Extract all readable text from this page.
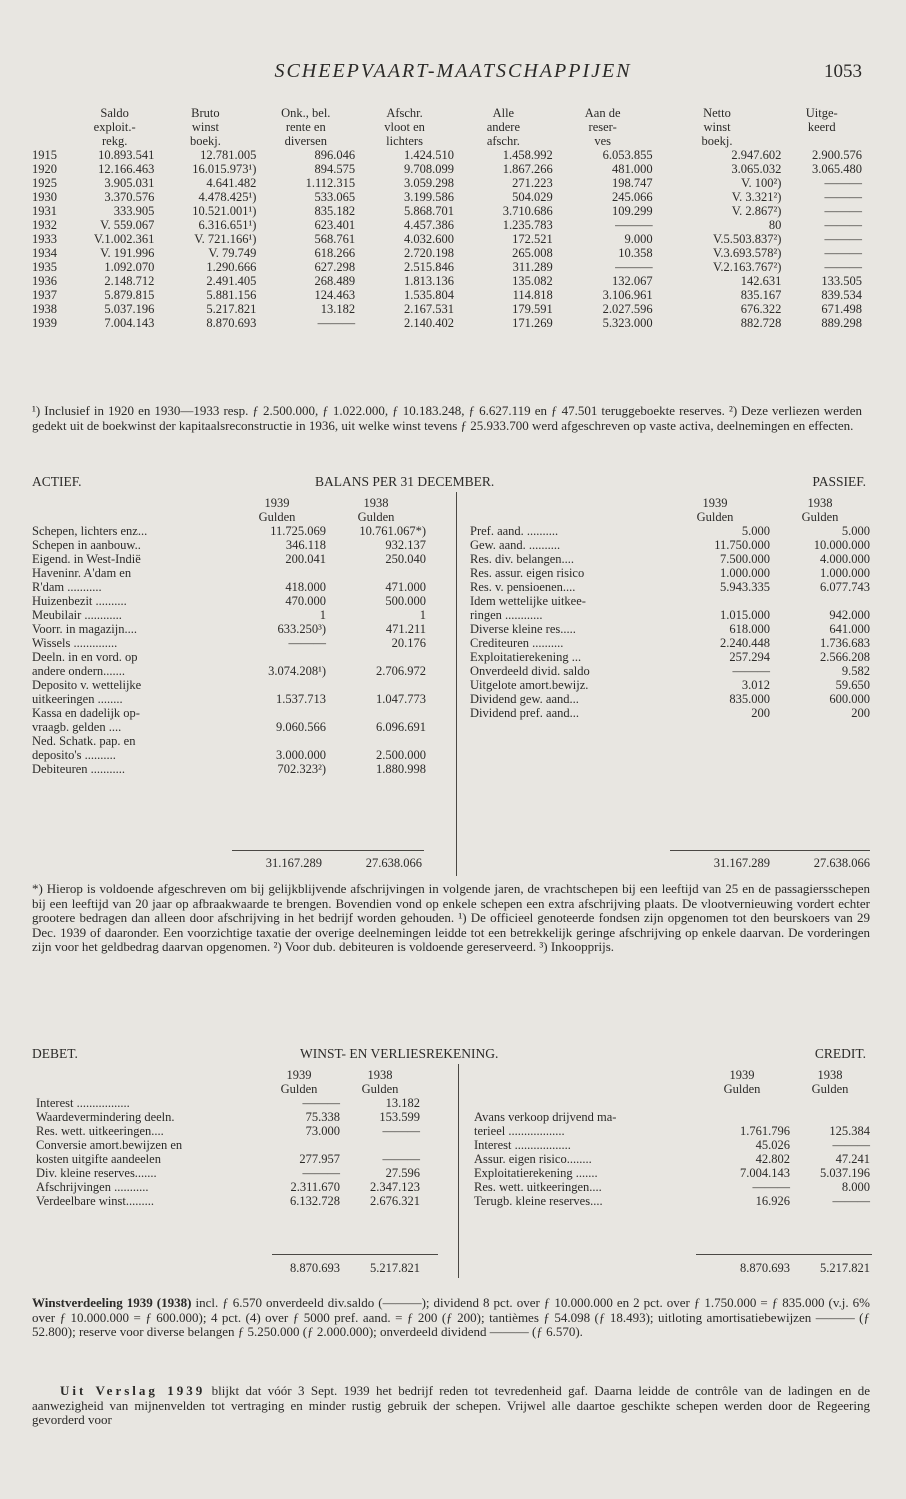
SCHEEPVAART-MAATSCHAPPIJEN	1053
	Saldo	Bruto	Onk., bel.	Afschr.	Alle	Aan de	Netto	Uitge-
	exploit.-	winst	rente en	vloot en	andere	reser-	winst	keerd
	rekg.	boekj.	diversen	lichters	afschr.	ves	boekj.	
1915	10.893.541	12.781.005	896.046	1.424.510	1.458.992	6.053.855	2.947.602	2.900.576
1920	12.166.463	16.015.973¹)	894.575	9.708.099	1.867.266	481.000	3.065.032	3.065.480
1925	3.905.031	4.641.482	1.112.315	3.059.298	271.223	198.747	V. 100²)	———
1930	3.370.576	4.478.425¹)	533.065	3.199.586	504.029	245.066	V. 3.321²)	———
1931	333.905	10.521.001¹)	835.182	5.868.701	3.710.686	109.299	V. 2.867²)	———
1932	V. 559.067	6.316.651¹)	623.401	4.457.386	1.235.783	———	80	———
1933	V.1.002.361	V. 721.166¹)	568.761	4.032.600	172.521	9.000	V.5.503.837²)	———
1934	V. 191.996	V. 79.749	618.266	2.720.198	265.008	10.358	V.3.693.578²)	———
1935	1.092.070	1.290.666	627.298	2.515.846	311.289	———	V.2.163.767²)	———
1936	2.148.712	2.491.405	268.489	1.813.136	135.082	132.067	142.631	133.505
1937	5.879.815	5.881.156	124.463	1.535.804	114.818	3.106.961	835.167	839.534
1938	5.037.196	5.217.821	13.182	2.167.531	179.591	2.027.596	676.322	671.498
1939	7.004.143	8.870.693	———	2.140.402	171.269	5.323.000	882.728	889.298
¹) Inclusief in 1920 en 1930—1933 resp. ƒ 2.500.000, ƒ 1.022.000, ƒ 10.183.248, ƒ 6.627.119 en ƒ 47.501 teruggeboekte reserves. ²) Deze verliezen werden gedekt uit de boekwinst der kapitaalsreconstructie in 1936, uit welke winst tevens ƒ 25.933.700 werd afgeschreven op vaste activa, deelnemingen en effecten.
ACTIEF.	BALANS PER 31 DECEMBER.	PASSIEF.
	1939	1938
	Gulden	Gulden
Schepen, lichters enz...	11.725.069	10.761.067*)
Schepen in aanbouw..	346.118	932.137
Eigend. in West-Indië	200.041	250.040
Haveninr. A'dam en		
R'dam ...........	418.000	471.000
Huizenbezit ..........	470.000	500.000
Meubilair ............	1	1
Voorr. in magazijn....	633.250³)	471.211
Wissels ..............	———	20.176
Deeln. in en vord. op		
andere ondern.......	3.074.208¹)	2.706.972
Deposito v. wettelijke		
uitkeeringen ........	1.537.713	1.047.773
Kassa en dadelijk op-		
vraagb. gelden ....	9.060.566	6.096.691
Ned. Schatk. pap. en		
deposito's ..........	3.000.000	2.500.000
Debiteuren ...........	702.323²)	1.880.998
	1939	1938
	Gulden	Gulden
Pref. aand. ..........	5.000	5.000
Gew. aand. ..........	11.750.000	10.000.000
Res. div. belangen....	7.500.000	4.000.000
Res. assur. eigen risico	1.000.000	1.000.000
Res. v. pensioenen....	5.943.335	6.077.743
Idem wettelijke uitkee-		
ringen ............	1.015.000	942.000
Diverse kleine res.....	618.000	641.000
Crediteuren ..........	2.240.448	1.736.683
Exploitatierekening ...	257.294	2.566.208
Onverdeeld divid. saldo	———	9.582
Uitgelote amort.bewijz.	3.012	59.650
Dividend gew. aand...	835.000	600.000
Dividend pref. aand...	200	200
31.167.289	27.638.066	31.167.289	27.638.066
*) Hierop is voldoende afgeschreven om bij gelijkblijvende afschrijvingen in volgende jaren, de vrachtschepen bij een leeftijd van 25 en de passagiersschepen bij een leeftijd van 20 jaar op afbraakwaarde te brengen. Bovendien vond op enkele schepen een extra afschrijving plaats. De vlootvernieuwing vordert echter grootere bedragen dan alleen door afschrijving in het bedrijf worden gehouden. ¹) De officieel genoteerde fondsen zijn opgenomen tot den beurskoers van 29 Dec. 1939 of daaronder. Een voorzichtige taxatie der overige deelnemingen leidde tot een betrekkelijk geringe afschrijving op enkele daarvan. De vorderingen zijn voor het geldbedrag daarvan opgenomen. ²) Voor dub. debiteuren is voldoende gereserveerd. ³) Inkoopprijs.
DEBET.	WINST- EN VERLIESREKENING.	CREDIT.
	1939	1938
	Gulden	Gulden
Interest .................	———	13.182
Waardevermindering deeln.	75.338	153.599
Res. wett. uitkeeringen....	73.000	———
Conversie amort.bewijzen en		
kosten uitgifte aandeelen	277.957	———
Div. kleine reserves.......	———	27.596
Afschrijvingen ...........	2.311.670	2.347.123
Verdeelbare winst.........	6.132.728	2.676.321
	1939	1938
	Gulden	Gulden

Avans verkoop drijvend ma-		
terieel ..................	1.761.796	125.384
Interest ..................	45.026	———
Assur. eigen risico........	42.802	47.241
Exploitatierekening .......	7.004.143	5.037.196
Res. wett. uitkeeringen....	———	8.000
Terugb. kleine reserves....	16.926	———
8.870.693	5.217.821	8.870.693	5.217.821
Winstverdeeling 1939 (1938) incl. ƒ 6.570 onverdeeld div.saldo (———); dividend 8 pct. over ƒ 10.000.000 en 2 pct. over ƒ 1.750.000 = ƒ 835.000 (v.j. 6% over ƒ 10.000.000 = ƒ 600.000); 4 pct. (4) over ƒ 5000 pref. aand. = ƒ 200 (ƒ 200); tantièmes ƒ 54.098 (ƒ 18.493); uitloting amortisatiebewijzen ——— (ƒ 52.800); reserve voor diverse belangen ƒ 5.250.000 (ƒ 2.000.000); onverdeeld dividend ——— (ƒ 6.570).
Uit Verslag 1939 blijkt dat vóór 3 Sept. 1939 het bedrijf reden tot tevredenheid gaf. Daarna leidde de contrôle van de ladingen en de aanwezigheid van mijnenvelden tot vertraging en minder rustig gebruik der schepen. Vrijwel alle daartoe geschikte schepen werden door de Regeering gevorderd voor
